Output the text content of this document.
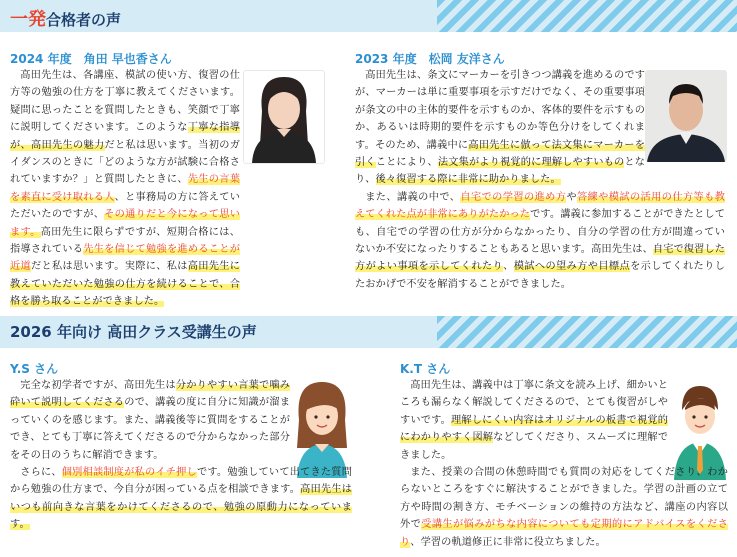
一発合格者の声
2024 年度　角田 早也香さん

高田先生は、各講座、模試の使い方、復習の仕方等の勉強の仕方を丁寧に教えてくださいます。疑問に思ったことを質問したときも、笑顔で丁寧に説明してくださいます。このような丁寧な指導が、高田先生の魅力だと私は思います。当初のガイダンスのときに「どのような方が試験に合格されていますか？」と質問したときに、先生の言葉を素直に受け取れる人、と事務局の方に答えていただいたのですが、その通りだと今になって思います。高田先生に限らずですが、短期合格には、指導されている先生を信じて勉強を進めることが近道だと私は思います。実際に、私は高田先生に教えていただいた勉強の仕方を続けることで、合格を勝ち取ることができました。

2023 年度　松岡 友洋さん

高田先生は、条文にマーカーを引きつつ講義を進めるのですが、マーカーは単に重要事項を示すだけでなく、その重要事項が条文の中の主体的要件を示すものか、客体的要件を示すものか、あるいは時期的要件を示すものか等色分けをしてくれます。そのため、講義中に高田先生に倣って法文集にマーカーを引くことにより、法文集がより視覚的に理解しやすいものとなり、後々復習する際に非常に助かりました。

また、講義の中で、自宅での学習の進め方や答練や模試の活用の仕方等も教えてくれた点が非常にありがたかったです。講義に参加することができたとしても、自宅での学習の仕方が分からなかったり、自分の学習の仕方が間違っていないか不安になったりすることもあると思います。高田先生は、自宅で復習した方がよい事項を示してくれたり、模試への望み方や目標点を示してくれたりしたおかげで不安を解消することができました。

2026 年向け 高田クラス受講生の声
Y.S さん

完全な初学者ですが、高田先生は分かりやすい言葉で噛み砕いて説明してくださるので、講義の度に自分に知識が溜まっていくのを感じます。また、講義後等に質問をすることができ、とても丁寧に答えてくださるので分からなかった部分をその日のうちに解消できます。

さらに、個別相談制度が私のイチ押しです。勉強していて出てきた質問から勉強の仕方まで、今自分が困っている点を相談できます。高田先生はいつも前向きな言葉をかけてくださるので、勉強の原動力になっています。

K.T さん

高田先生は、講義中は丁寧に条文を読み上げ、細かいところも漏らなく解説してくださるので、とても復習がしやすいです。理解しにくい内容はオリジナルの板書で視覚的にわかりやすく図解などしてくださり、スムーズに理解できました。

また、授業の合間の休憩時間でも質問の対応をしてくださり、わからないところをすぐに解決することができました。学習の計画の立て方や時間の割き方、モチベーションの維持の方法など、講座の内容以外で受講生が悩みがちな内容についても定期的にアドバイスをくださり、学習の軌道修正に非常に役立ちました。
